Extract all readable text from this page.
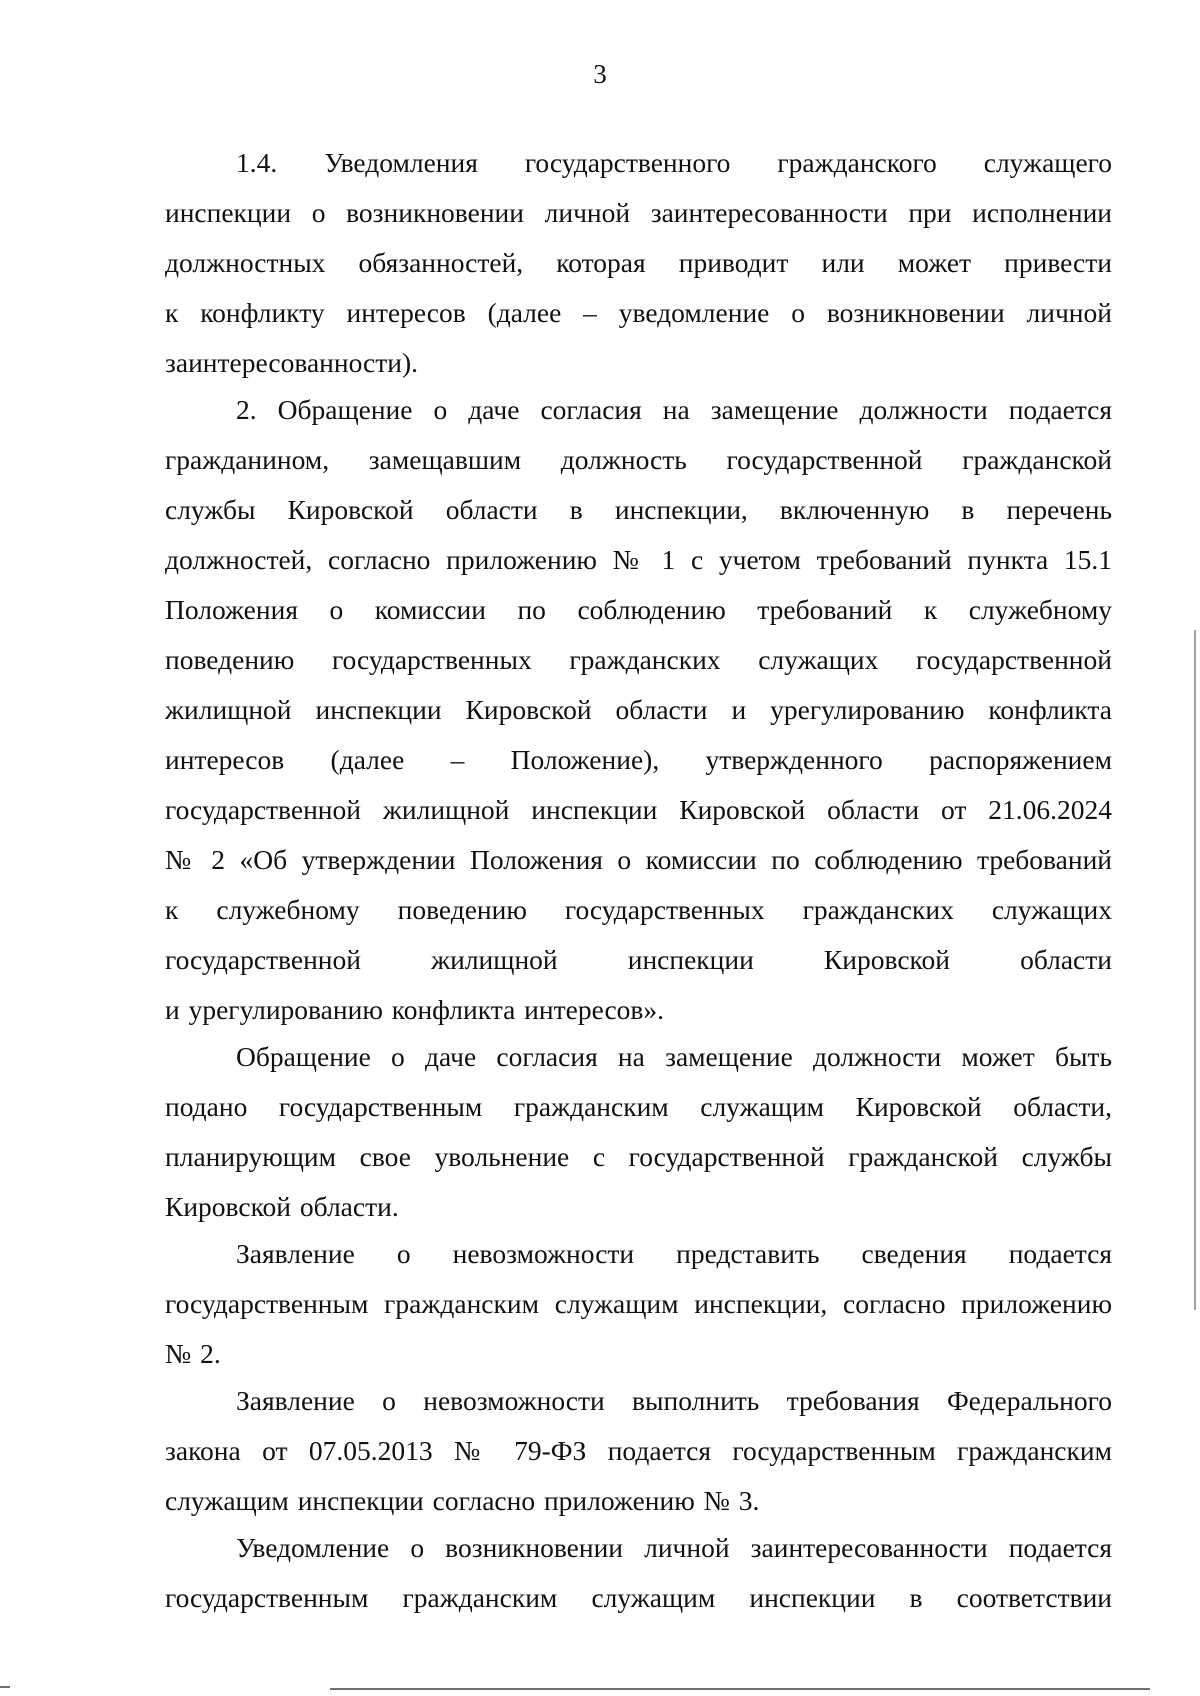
3
1.4. Уведомления государственного гражданского служащего
инспекции о возникновении личной заинтересованности при исполнении
должностных обязанностей, которая приводит или может привести
к конфликту интересов (далее – уведомление о возникновении личной
заинтересованности).
2. Обращение о даче согласия на замещение должности подается
гражданином, замещавшим должность государственной гражданской
службы Кировской области в инспекции, включенную в перечень
должностей, согласно приложению № 1 с учетом требований пункта 15.1
Положения о комиссии по соблюдению требований к служебному
поведению государственных гражданских служащих государственной
жилищной инспекции Кировской области и урегулированию конфликта
интересов (далее – Положение), утвержденного распоряжением
государственной жилищной инспекции Кировской области от 21.06.2024
№ 2 «Об утверждении Положения о комиссии по соблюдению требований
к служебному поведению государственных гражданских служащих
государственной жилищной инспекции Кировской области
и урегулированию конфликта интересов».
Обращение о даче согласия на замещение должности может быть
подано государственным гражданским служащим Кировской области,
планирующим свое увольнение с государственной гражданской службы
Кировской области.
Заявление о невозможности представить сведения подается
государственным гражданским служащим инспекции, согласно приложению
№ 2.
Заявление о невозможности выполнить требования Федерального
закона от 07.05.2013 № 79-ФЗ подается государственным гражданским
служащим инспекции согласно приложению № 3.
Уведомление о возникновении личной заинтересованности подается
государственным гражданским служащим инспекции в соответствии
